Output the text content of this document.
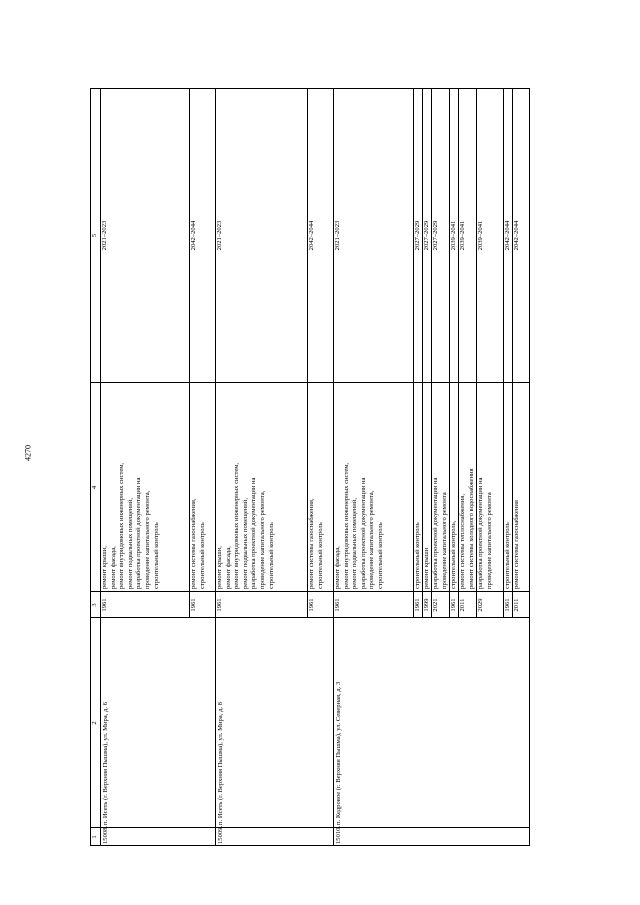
4270
1
2
3
4
5
15008.
п. Исеть (г. Верхняя Пышма), ул. Мира, д. 6
1961
ремонт крыши, ремонт фасада, ремонт внутридомовых инженерных систем, ремонт подвальных помещений, разработка проектной документации на проведение капитального ремонта, строительный контроль
2021–2023
1961
ремонт системы газоснабжения, строительный контроль
2042–2044
15009.
п. Исеть (г. Верхняя Пышма), ул. Мира, д. 8
1961
ремонт крыши, ремонт фасада, ремонт внутридомовых инженерных систем, ремонт подвальных помещений, разработка проектной документации на проведение капитального ремонта, строительный контроль
2021–2023
1961
ремонт системы газоснабжения, строительный контроль
2042–2044
15010.
п. Кедровое (г. Верхняя Пышма), ул. Северная, д. 3
1961
ремонт фасада, ремонт внутридомовых инженерных систем, ремонт подвальных помещений, разработка проектной документации на проведение капитального ремонта, строительный контроль
2021–2023
1961
строительный контроль
2027–2029
1999
ремонт крыши
2027–2029
2021
разработка проектной документации на проведение капитального ремонта
2027–2029
1961
строительный контроль,
2039–2041
2011
ремонт системы теплоснабжения, ремонт системы холодного водоснабжения
2039–2041
2029
разработка проектной документации на проведение капитального ремонта
2039–2041
1961
строительный контроль
2042–2044
2011
ремонт системы газоснабжения
2042–2044
